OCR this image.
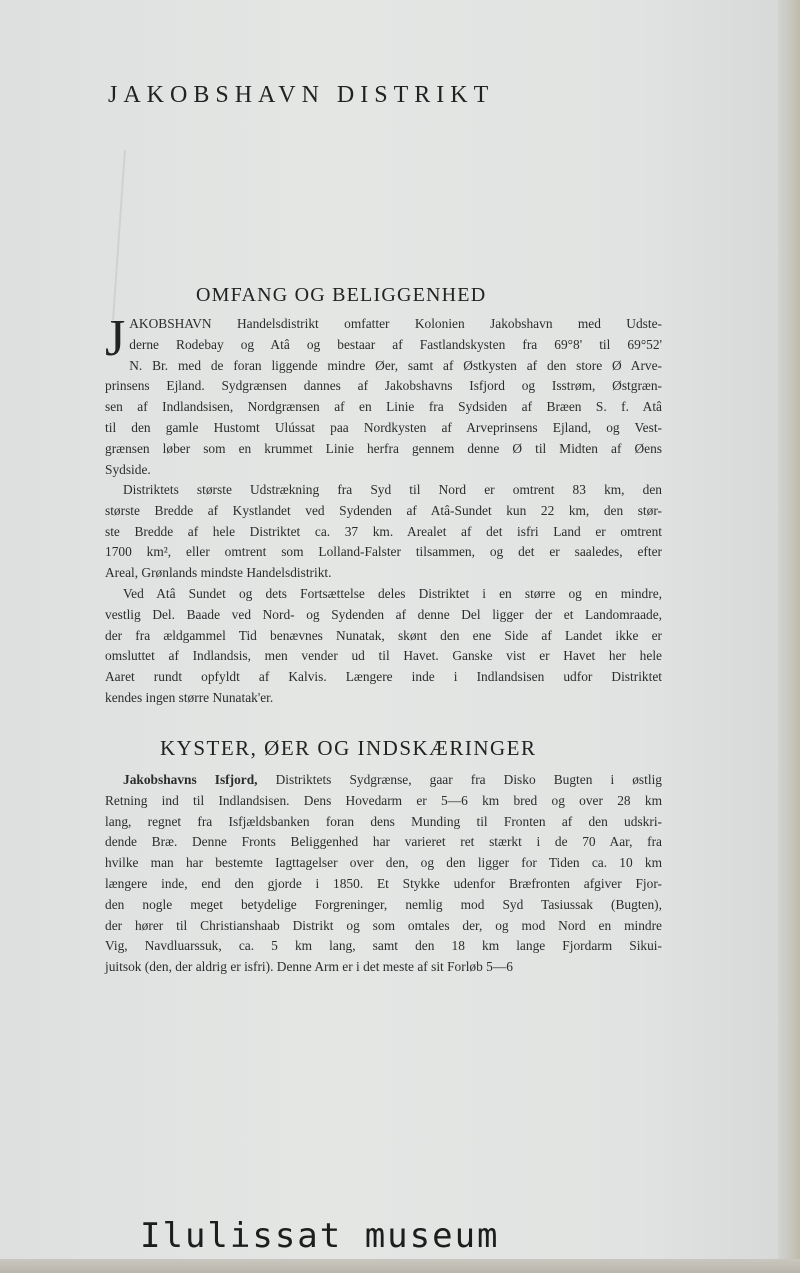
JAKOBSHAVN DISTRIKT
OMFANG OG BELIGGENHED
J AKOBSHAVN Handelsdistrikt omfatter Kolonien Jakobshavn med Udste-
derne Rodebay og Atâ og bestaar af Fastlandskysten fra 69°8' til 69°52'
N. Br. med de foran liggende mindre Øer, samt af Østkysten af den store Ø Arve-
prinsens Ejland. Sydgrænsen dannes af Jakobshavns Isfjord og Isstrøm, Østgræn-
sen af Indlandsisen, Nordgrænsen af en Linie fra Sydsiden af Bræen S. f. Atâ
til den gamle Hustomt Ulússat paa Nordkysten af Arveprinsens Ejland, og Vest-
grænsen løber som en krummet Linie herfra gennem denne Ø til Midten af Øens
Sydside.
Distriktets største Udstrækning fra Syd til Nord er omtrent 83 km, den
største Bredde af Kystlandet ved Sydenden af Atâ-Sundet kun 22 km, den stør-
ste Bredde af hele Distriktet ca. 37 km. Arealet af det isfri Land er omtrent
1700 km², eller omtrent som Lolland-Falster tilsammen, og det er saaledes, efter
Areal, Grønlands mindste Handelsdistrikt.
Ved Atâ Sundet og dets Fortsættelse deles Distriktet i en større og en mindre,
vestlig Del. Baade ved Nord- og Sydenden af denne Del ligger der et Landomraade,
der fra ældgammel Tid benævnes Nunatak, skønt den ene Side af Landet ikke er
omsluttet af Indlandsis, men vender ud til Havet. Ganske vist er Havet her hele
Aaret rundt opfyldt af Kalvis. Længere inde i Indlandsisen udfor Distriktet
kendes ingen større Nunatak'er.
KYSTER, ØER OG INDSKÆRINGER
Jakobshavns Isfjord, Distriktets Sydgrænse, gaar fra Disko Bugten i østlig
Retning ind til Indlandsisen. Dens Hovedarm er 5—6 km bred og over 28 km
lang, regnet fra Isfjældsbanken foran dens Munding til Fronten af den udskri-
dende Bræ. Denne Fronts Beliggenhed har varieret ret stærkt i de 70 Aar, fra
hvilke man har bestemte Iagttagelser over den, og den ligger for Tiden ca. 10 km
længere inde, end den gjorde i 1850. Et Stykke udenfor Bræfronten afgiver Fjor-
den nogle meget betydelige Forgreninger, nemlig mod Syd Tasiussak (Bugten),
der hører til Christianshaab Distrikt og som omtales der, og mod Nord en mindre
Vig, Navdluarssuk, ca. 5 km lang, samt den 18 km lange Fjordarm Sikui-
juitsok (den, der aldrig er isfri). Denne Arm er i det meste af sit Forløb 5—6
Ilulissat museum
